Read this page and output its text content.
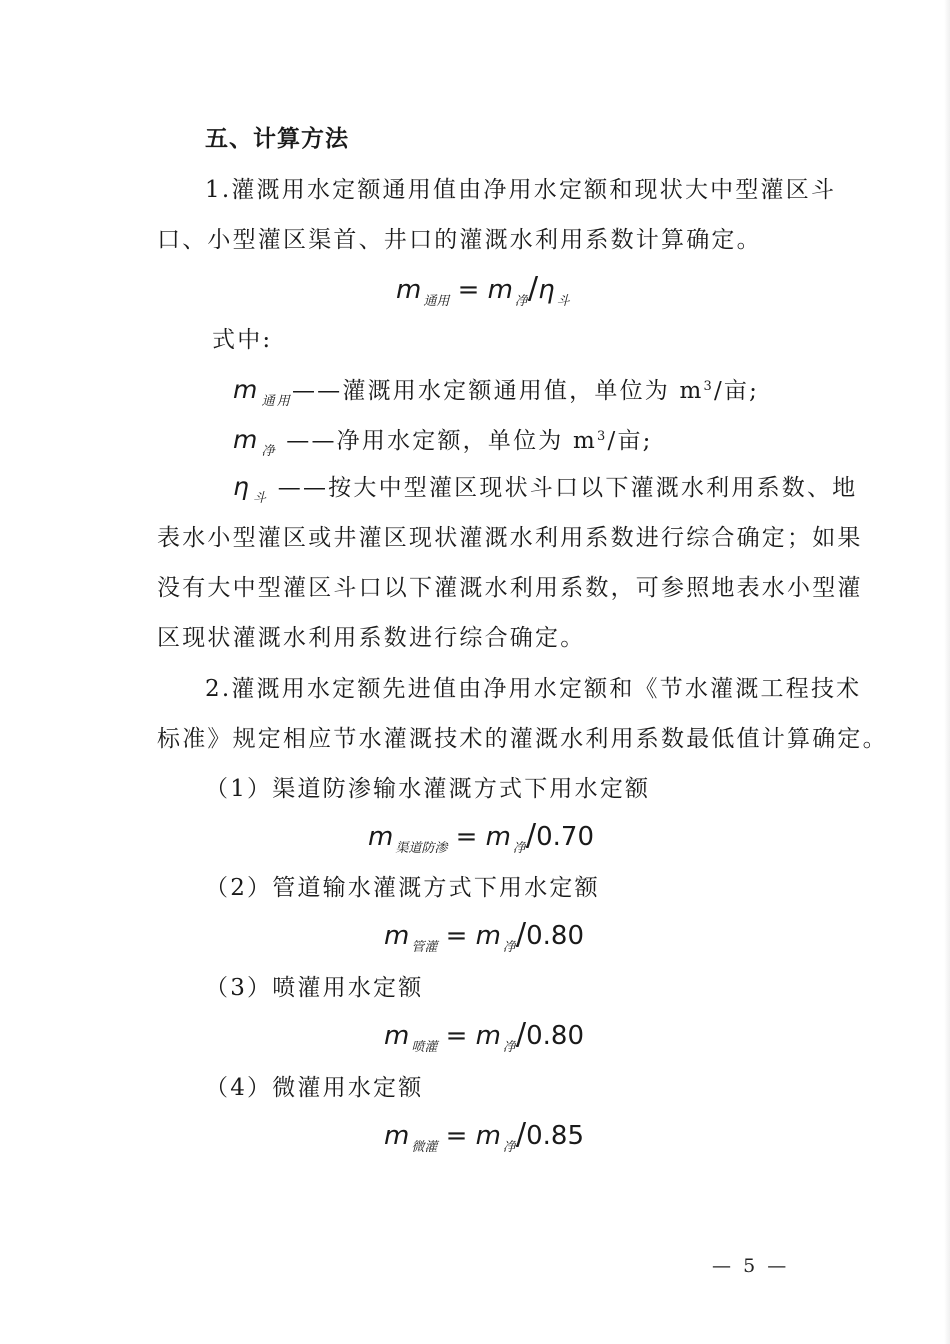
五、计算方法
1.灌溉用水定额通用值由净用水定额和现状大中型灌区斗
口、小型灌区渠首、井口的灌溉水利用系数计算确定。
m $_{通用}$ = m $_净$/η $_斗$
式中:
m $_{通用}$——灌溉用水定额通用值，单位为 $m^3/$亩;
m $_净$ ——净用水定额，单位为 $m^3/$亩;
η $_斗$ ——按大中型灌区现状斗口以下灌溉水利用系数、地
表水小型灌区或井灌区现状灌溉水利用系数进行综合确定；如果
没有大中型灌区斗口以下灌溉水利用系数，可参照地表水小型灌
区现状灌溉水利用系数进行综合确定。
2.灌溉用水定额先进值由净用水定额和《节水灌溉工程技术
标准》规定相应节水灌溉技术的灌溉水利用系数最低值计算确定。
（1）渠道防渗输水灌溉方式下用水定额
m $_{渠道防渗}$ = m $_净$/0.70
（2）管道输水灌溉方式下用水定额
m $_{管灌}$ = m $_净$/0.80
（3）喷灌用水定额
m $_{喷灌}$ = m $_净$/0.80
（4）微灌用水定额
m $_{微灌}$ = m $_净$/0.85
—  5  —
